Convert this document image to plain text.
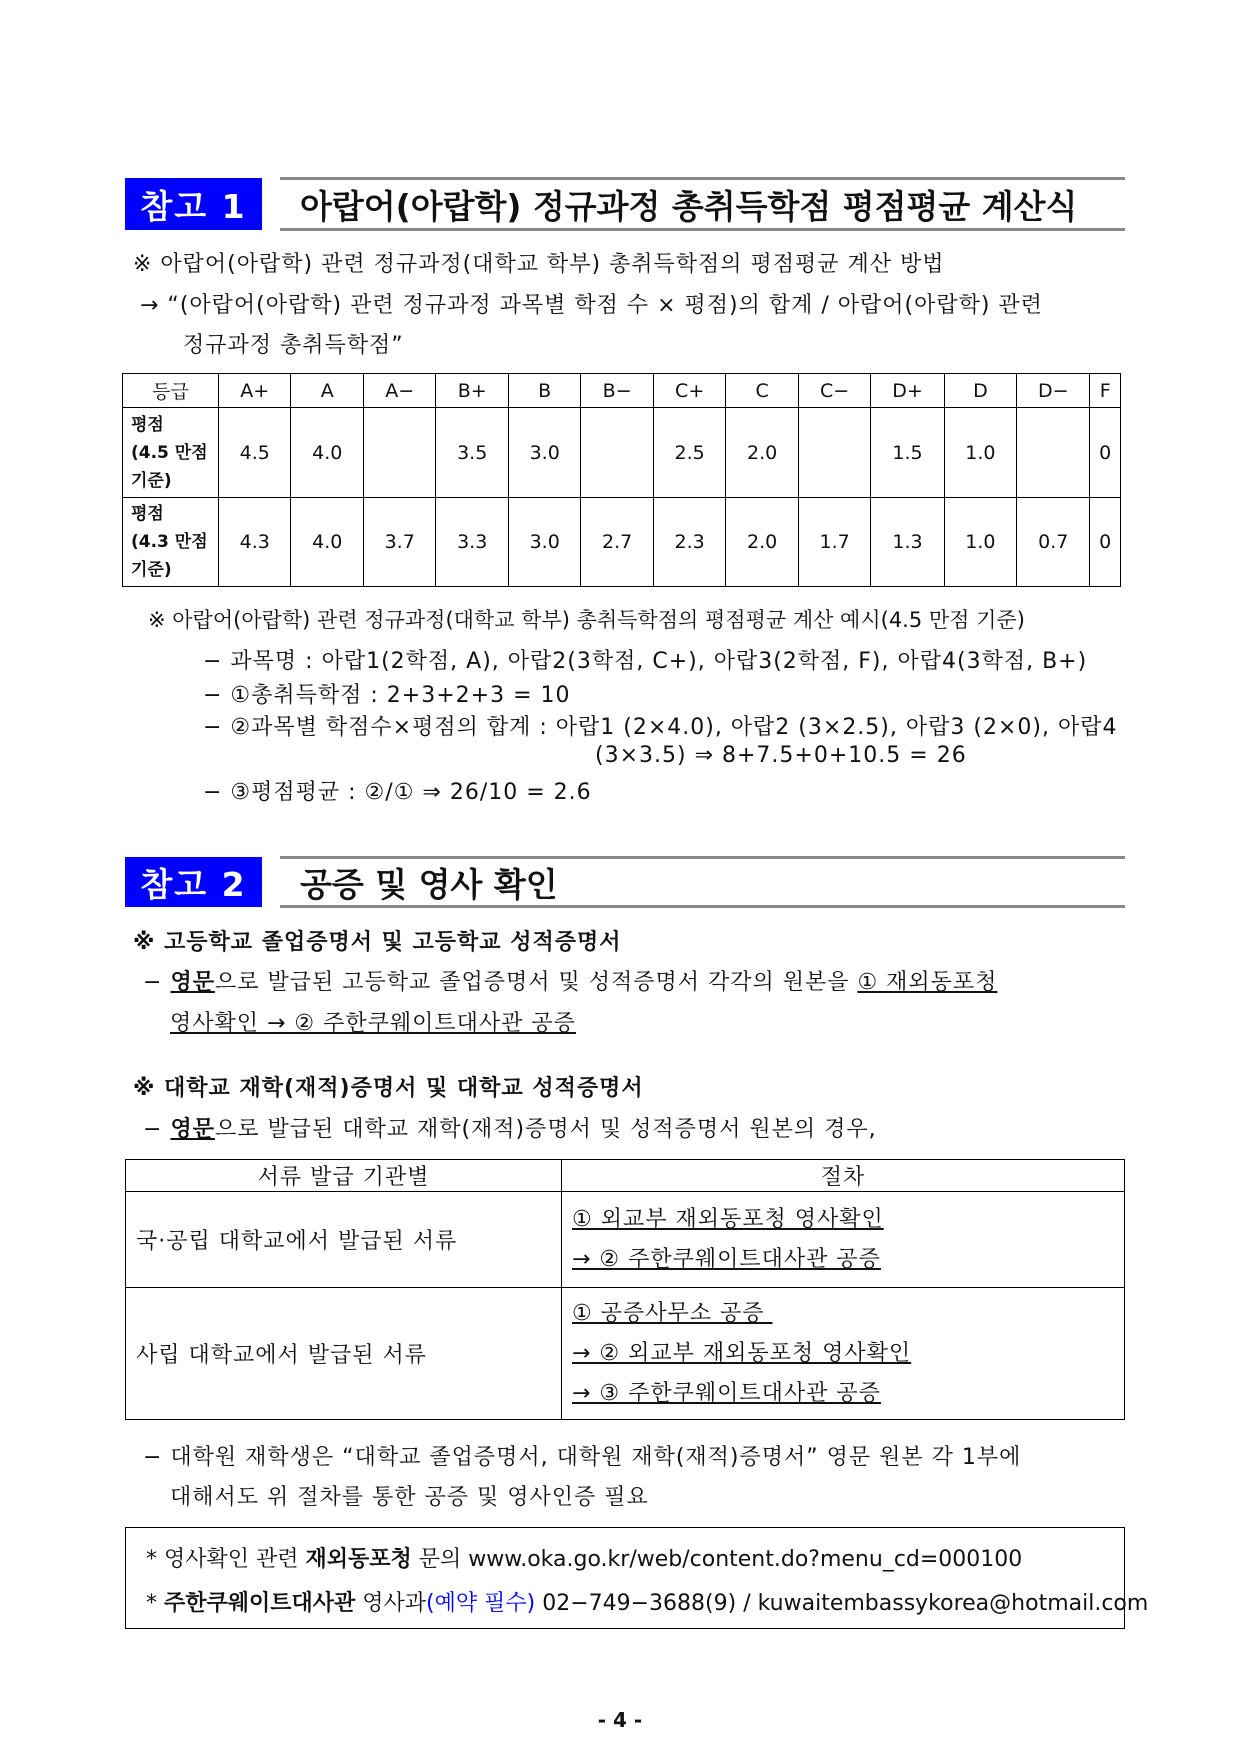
참고 1	아랍어(아랍학) 정규과정 총취득학점 평점평균 계산식
※ 아랍어(아랍학) 관련 정규과정(대학교 학부) 총취득학점의 평점평균 계산 방법
→ “(아랍어(아랍학) 관련 정규과정 과목별 학점 수 × 평점)의 합계 / 아랍어(아랍학) 관련
정규과정 총취득학점”
등급	A+	A	A−	B+	B	B−	C+	C	C−	D+	D	D−	F

평점
(4.5 만점
기준)	4.5	4.0		3.5	3.0		2.5	2.0		1.5	1.0		0

평점
(4.3 만점
기준)	4.3	4.0	3.7	3.3	3.0	2.7	2.3	2.0	1.7	1.3	1.0	0.7	0
※ 아랍어(아랍학) 관련 정규과정(대학교 학부) 총취득학점의 평점평균 계산 예시(4.5 만점 기준)
− 과목명 : 아랍1(2학점, A), 아랍2(3학점, C+), 아랍3(2학점, F), 아랍4(3학점, B+)
− ①총취득학점 : 2+3+2+3 = 10
− ②과목별 학점수×평점의 합계 : 아랍1 (2×4.0), 아랍2 (3×2.5), 아랍3 (2×0), 아랍4
(3×3.5) ⇒ 8+7.5+0+10.5 = 26
− ③평점평균 : ②/① ⇒ 26/10 = 2.6
참고 2	공증 및 영사 확인
※ 고등학교 졸업증명서 및 고등학교 성적증명서
− 영문으로 발급된 고등학교 졸업증명서 및 성적증명서 각각의 원본을 ① 재외동포청
영사확인 → ② 주한쿠웨이트대사관 공증
※ 대학교 재학(재적)증명서 및 대학교 성적증명서
− 영문으로 발급된 대학교 재학(재적)증명서 및 성적증명서 원본의 경우,
서류 발급 기관별	절차
국·공립 대학교에서 발급된 서류	① 외교부 재외동포청 영사확인
→ ② 주한쿠웨이트대사관 공증

사립 대학교에서 발급된 서류	① 공증사무소 공증
→ ② 외교부 재외동포청 영사확인
→ ③ 주한쿠웨이트대사관 공증
− 대학원 재학생은 “대학교 졸업증명서, 대학원 재학(재적)증명서” 영문 원본 각 1부에
대해서도 위 절차를 통한 공증 및 영사인증 필요
* 영사확인 관련 재외동포청 문의 www.oka.go.kr/web/content.do?menu_cd=000100
* 주한쿠웨이트대사관 영사과(예약 필수) 02−749−3688(9) / kuwaitembassykorea@hotmail.com
- 4 -
